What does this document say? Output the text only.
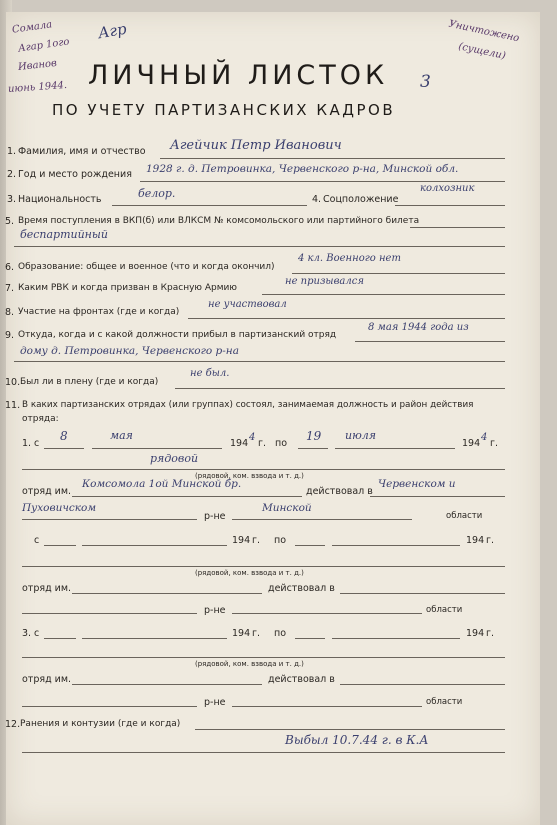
Сомала
Агар 1ого
Иванов
июнь 1944.
Агр	Уничтожено
(сущели)
ЛИЧНЫЙ ЛИСТОК 3
ПО УЧЕТУ ПАРТИЗАНСКИХ КАДРОВ
1. Фамилия, имя и отчество Агейчик Петр Иванович
2. Год и место рождения 1928 г. д. Петровинка, Червенского р-на, Минской обл.
3. Национальность	белор.	4. Соцположение
колхозник
5. Время поступления в ВКП(б) или ВЛКСМ № комсомольского или партийного билета
беспартийный
6. Образование: общее и военное (что и когда окончил)
4 кл. Военного нет
7. Каким РВК и когда призван в Красную Армию
не призывался
8. Участие на фронтах (где и когда)
не участвовал
9. Откуда, когда и с какой должности прибыл в партизанский отряд
8 мая 1944 года из
дому д. Петровинка, Червенского р-на
10. Был ли в плену (где и когда)
не был.
11. В каких партизанских отрядах (или группах) состоял, занимаемая должность и район действия
отряда:
1. с
8	мая
194
4
г. по
19 июля
194
4
г.
рядовой
(рядовой, ком. взвода и т. д.)
отряд им.
Комсомола 1ой Минской бр.
действовал в
Червенском и
Пуховичском
р-не
Минской
области
с	194 г. по	194 г.
(рядовой, ком. взвода и т. д.)
отряд им.	действовал в
р-не	области
3. с	194 г. по	194 г.
(рядовой, ком. взвода и т. д.)
отряд им.	действовал в
р-не	области
12. Ранения и контузии (где и когда)
Выбыл 10.7.44 г. в К.А
